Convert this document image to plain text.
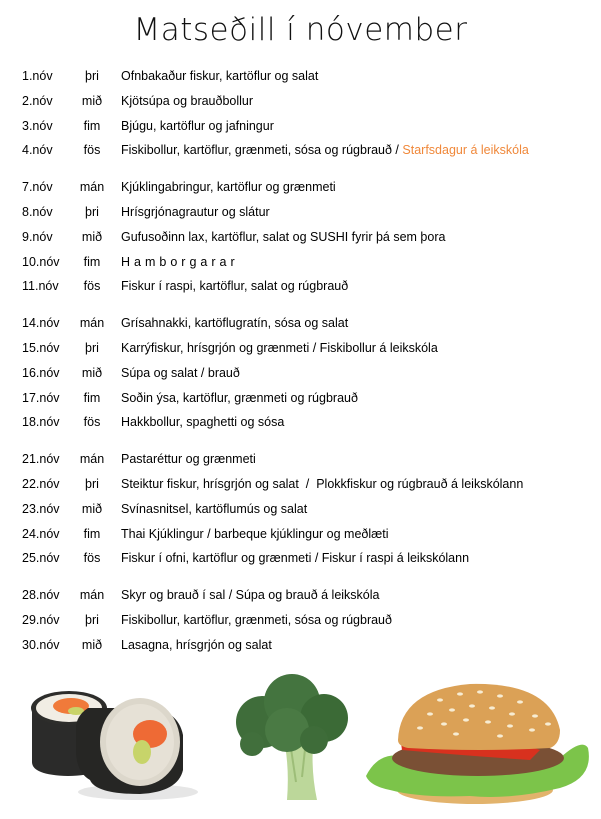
Matseðill í nóvember
1.nóv	þri	Ofnbakaður fiskur, kartöflur og salat
2.nóv	mið	Kjötsúpa og brauðbollur
3.nóv	fim	Bjúgu, kartöflur og jafningur
4.nóv	fös	Fiskibollur, kartöflur, grænmeti, sósa og rúgbrauð / Starfsdagur á leikskóla
7.nóv	mán	Kjúklingabringur, kartöflur og grænmeti
8.nóv	þri	Hrísgrjónagrautur og slátur
9.nóv	mið	Gufusoðinn lax, kartöflur, salat og SUSHI fyrir þá sem þora
10.nóv	fim	Hamborgarar
11.nóv	fös	Fiskur í raspi, kartöflur, salat og rúgbrauð
14.nóv	mán	Grísahnakki, kartöflugratín, sósa og salat
15.nóv	þri	Karrýfiskur, hrísgrjón og grænmeti / Fiskibollur á leikskóla
16.nóv	mið	Súpa og salat / brauð
17.nóv	fim	Soðin ýsa, kartöflur, grænmeti og rúgbrauð
18.nóv	fös	Hakkbollur, spaghetti og sósa
21.nóv	mán	Pastaréttur og grænmeti
22.nóv	þri	Steiktur fiskur, hrísgrjón og salat  /  Plokkfiskur og rúgbrauð á leikskólann
23.nóv	mið	Svínasnitsel, kartöflumús og salat
24.nóv	fim	Thai Kjúklingur / barbeque kjúklingur og meðlæti
25.nóv	fös	Fiskur í ofni, kartöflur og grænmeti / Fiskur í raspi á leikskólann
28.nóv	mán	Skyr og brauð í sal / Súpa og brauð á leikskóla
29.nóv	þri	Fiskibollur, kartöflur, grænmeti, sósa og rúgbrauð
30.nóv	mið	Lasagna, hrísgrjón og salat
